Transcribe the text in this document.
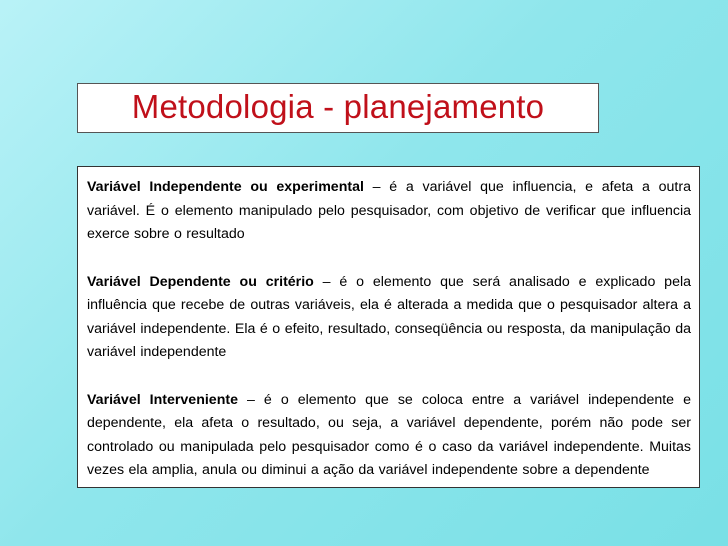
Metodologia - planejamento

Variável Independente ou experimental – é a variável que influencia, e afeta a outra variável. É o elemento manipulado pelo pesquisador, com objetivo de verificar que influencia exerce sobre o resultado

Variável Dependente ou critério – é o elemento que será analisado e explicado pela influência que recebe de outras variáveis, ela é alterada a medida que o pesquisador altera a variável independente. Ela é o efeito, resultado, conseqüência ou resposta, da manipulação da variável independente

Variável Interveniente – é o elemento que se coloca entre a variável independente e dependente, ela afeta o resultado, ou seja, a variável dependente, porém não pode ser controlado ou manipulada pelo pesquisador como é o caso da variável independente. Muitas vezes ela amplia, anula ou diminui a ação da variável independente sobre a dependente
